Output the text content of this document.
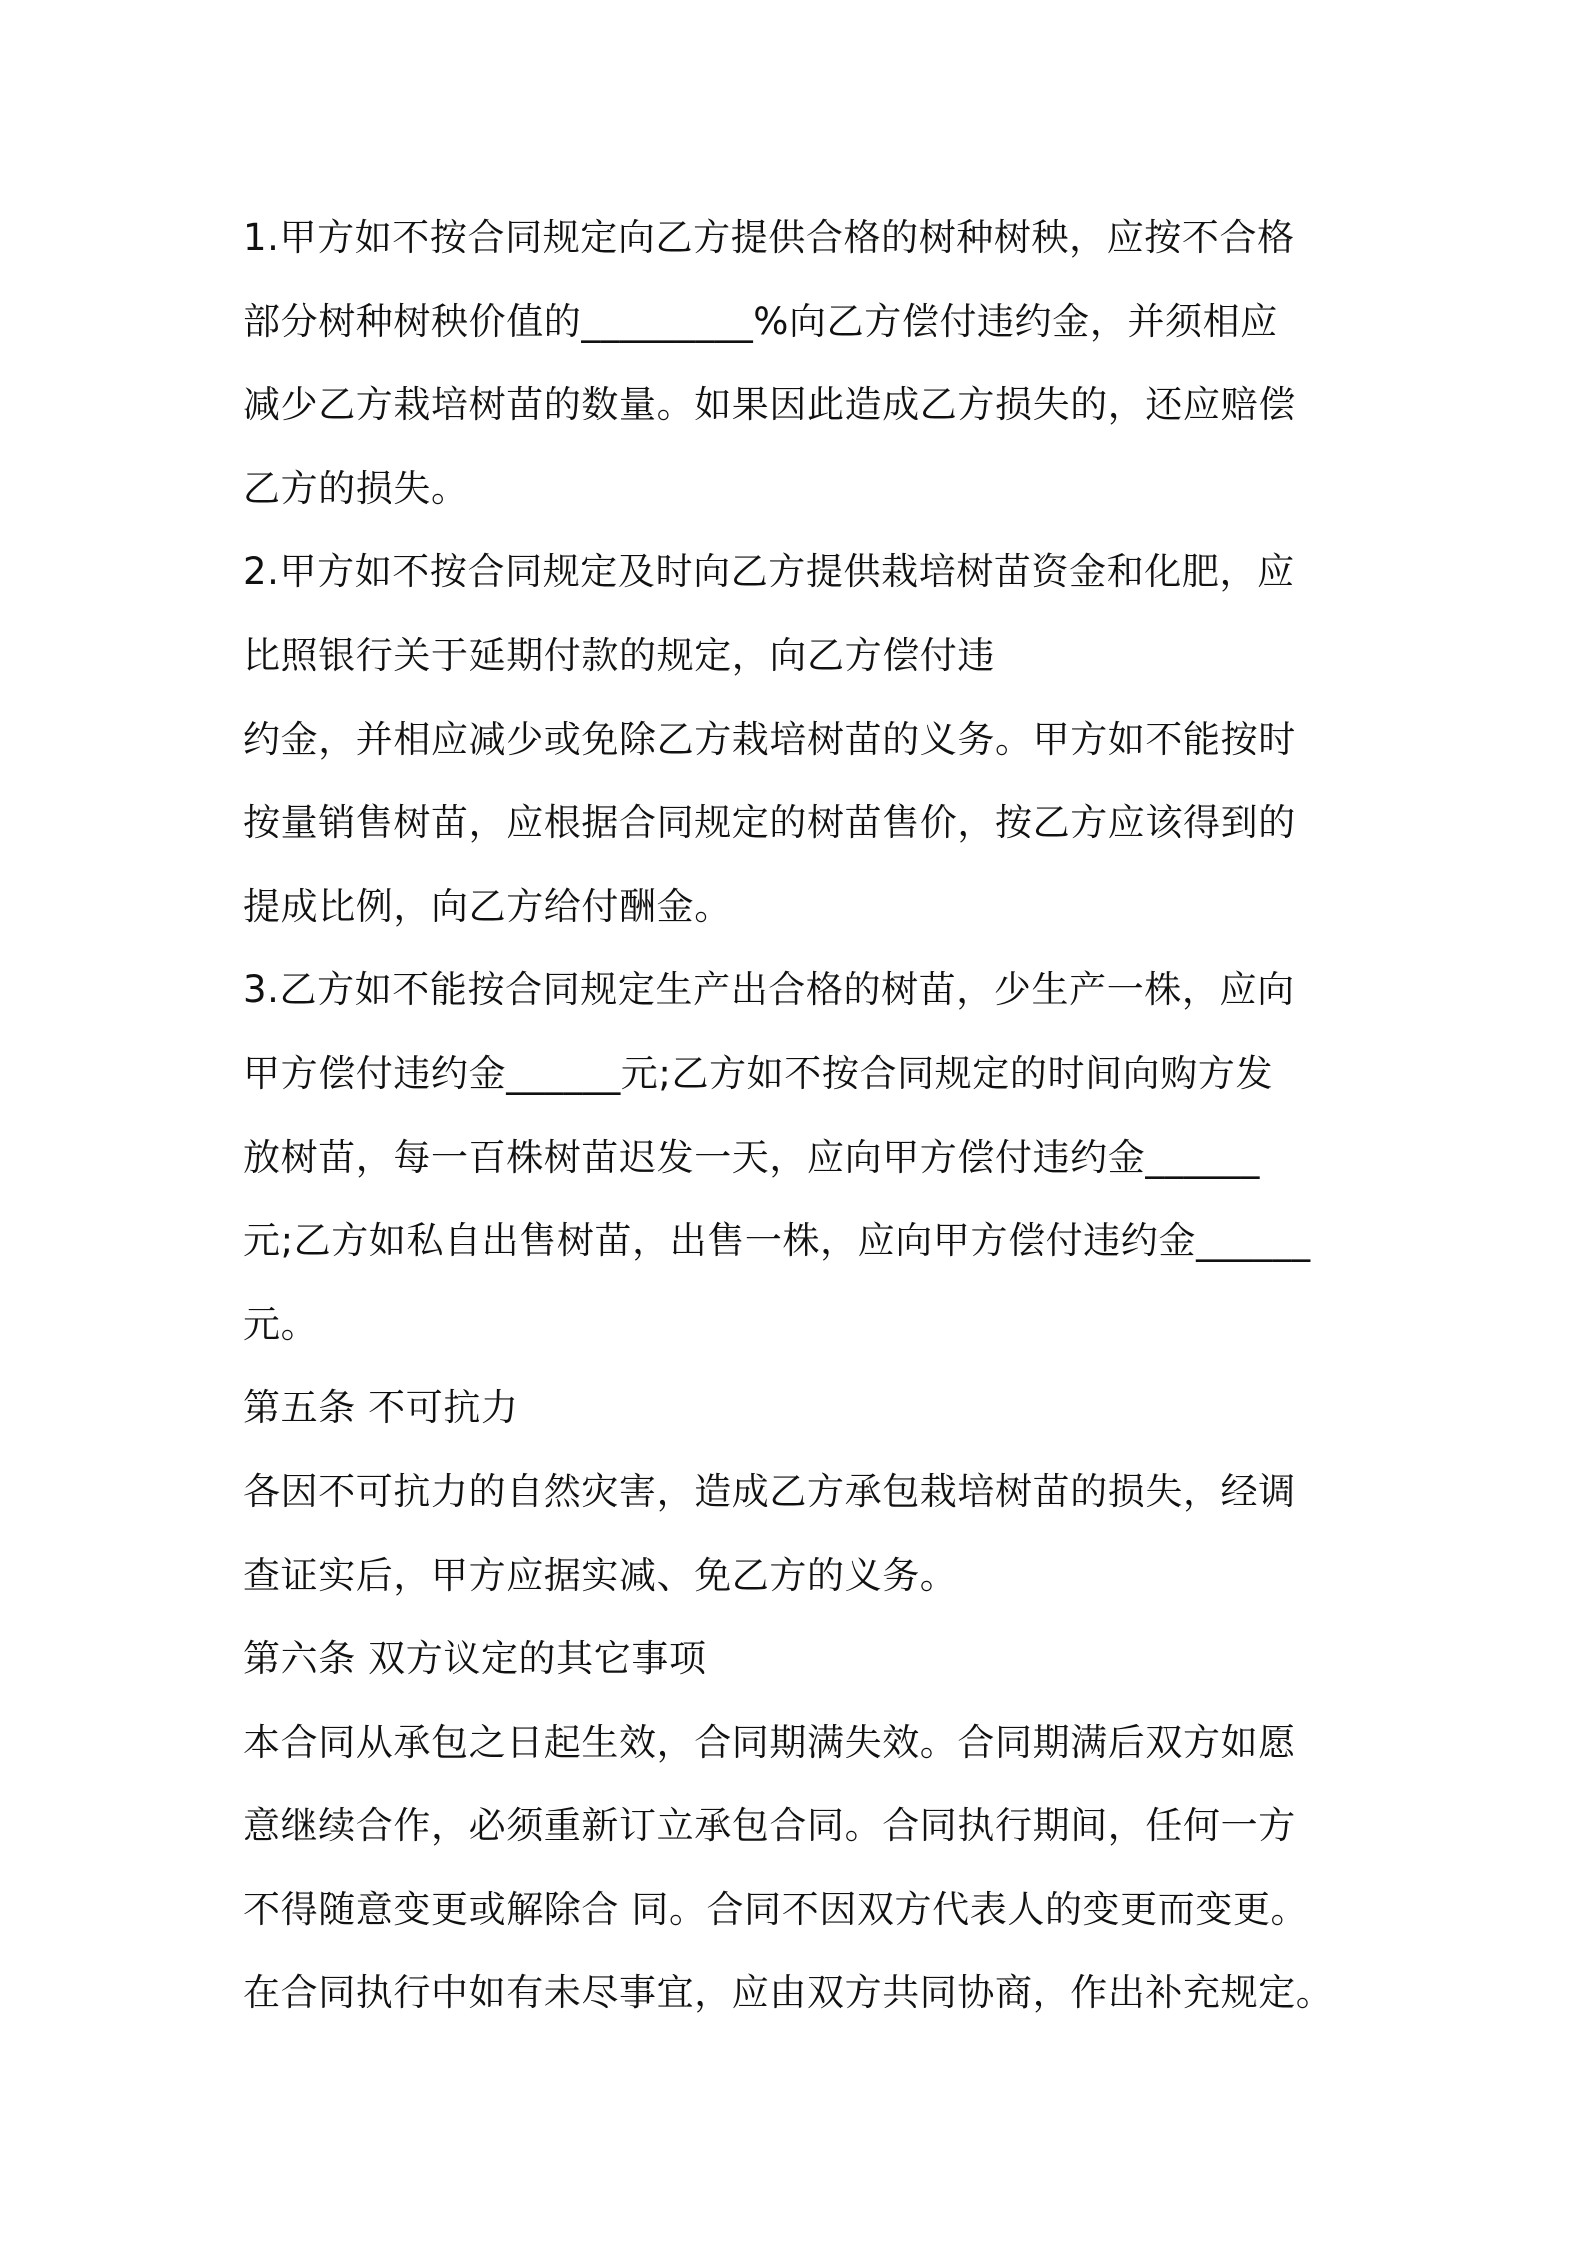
1.甲方如不按合同规定向乙方提供合格的树种树秧，应按不合格
部分树种树秧价值的_________%向乙方偿付违约金，并须相应
减少乙方栽培树苗的数量。如果因此造成乙方损失的，还应赔偿
乙方的损失。
2.甲方如不按合同规定及时向乙方提供栽培树苗资金和化肥，应
比照银行关于延期付款的规定，向乙方偿付违
约金，并相应减少或免除乙方栽培树苗的义务。甲方如不能按时
按量销售树苗，应根据合同规定的树苗售价，按乙方应该得到的
提成比例，向乙方给付酬金。
3.乙方如不能按合同规定生产出合格的树苗，少生产一株，应向
甲方偿付违约金______元;乙方如不按合同规定的时间向购方发
放树苗，每一百株树苗迟发一天，应向甲方偿付违约金______
元;乙方如私自出售树苗，出售一株，应向甲方偿付违约金______
元。
第五条 不可抗力
各因不可抗力的自然灾害，造成乙方承包栽培树苗的损失，经调
查证实后，甲方应据实减、免乙方的义务。
第六条 双方议定的其它事项
本合同从承包之日起生效，合同期满失效。合同期满后双方如愿
意继续合作，必须重新订立承包合同。合同执行期间，任何一方
不得随意变更或解除合 同。合同不因双方代表人的变更而变更。
在合同执行中如有未尽事宜，应由双方共同协商，作出补充规定。
